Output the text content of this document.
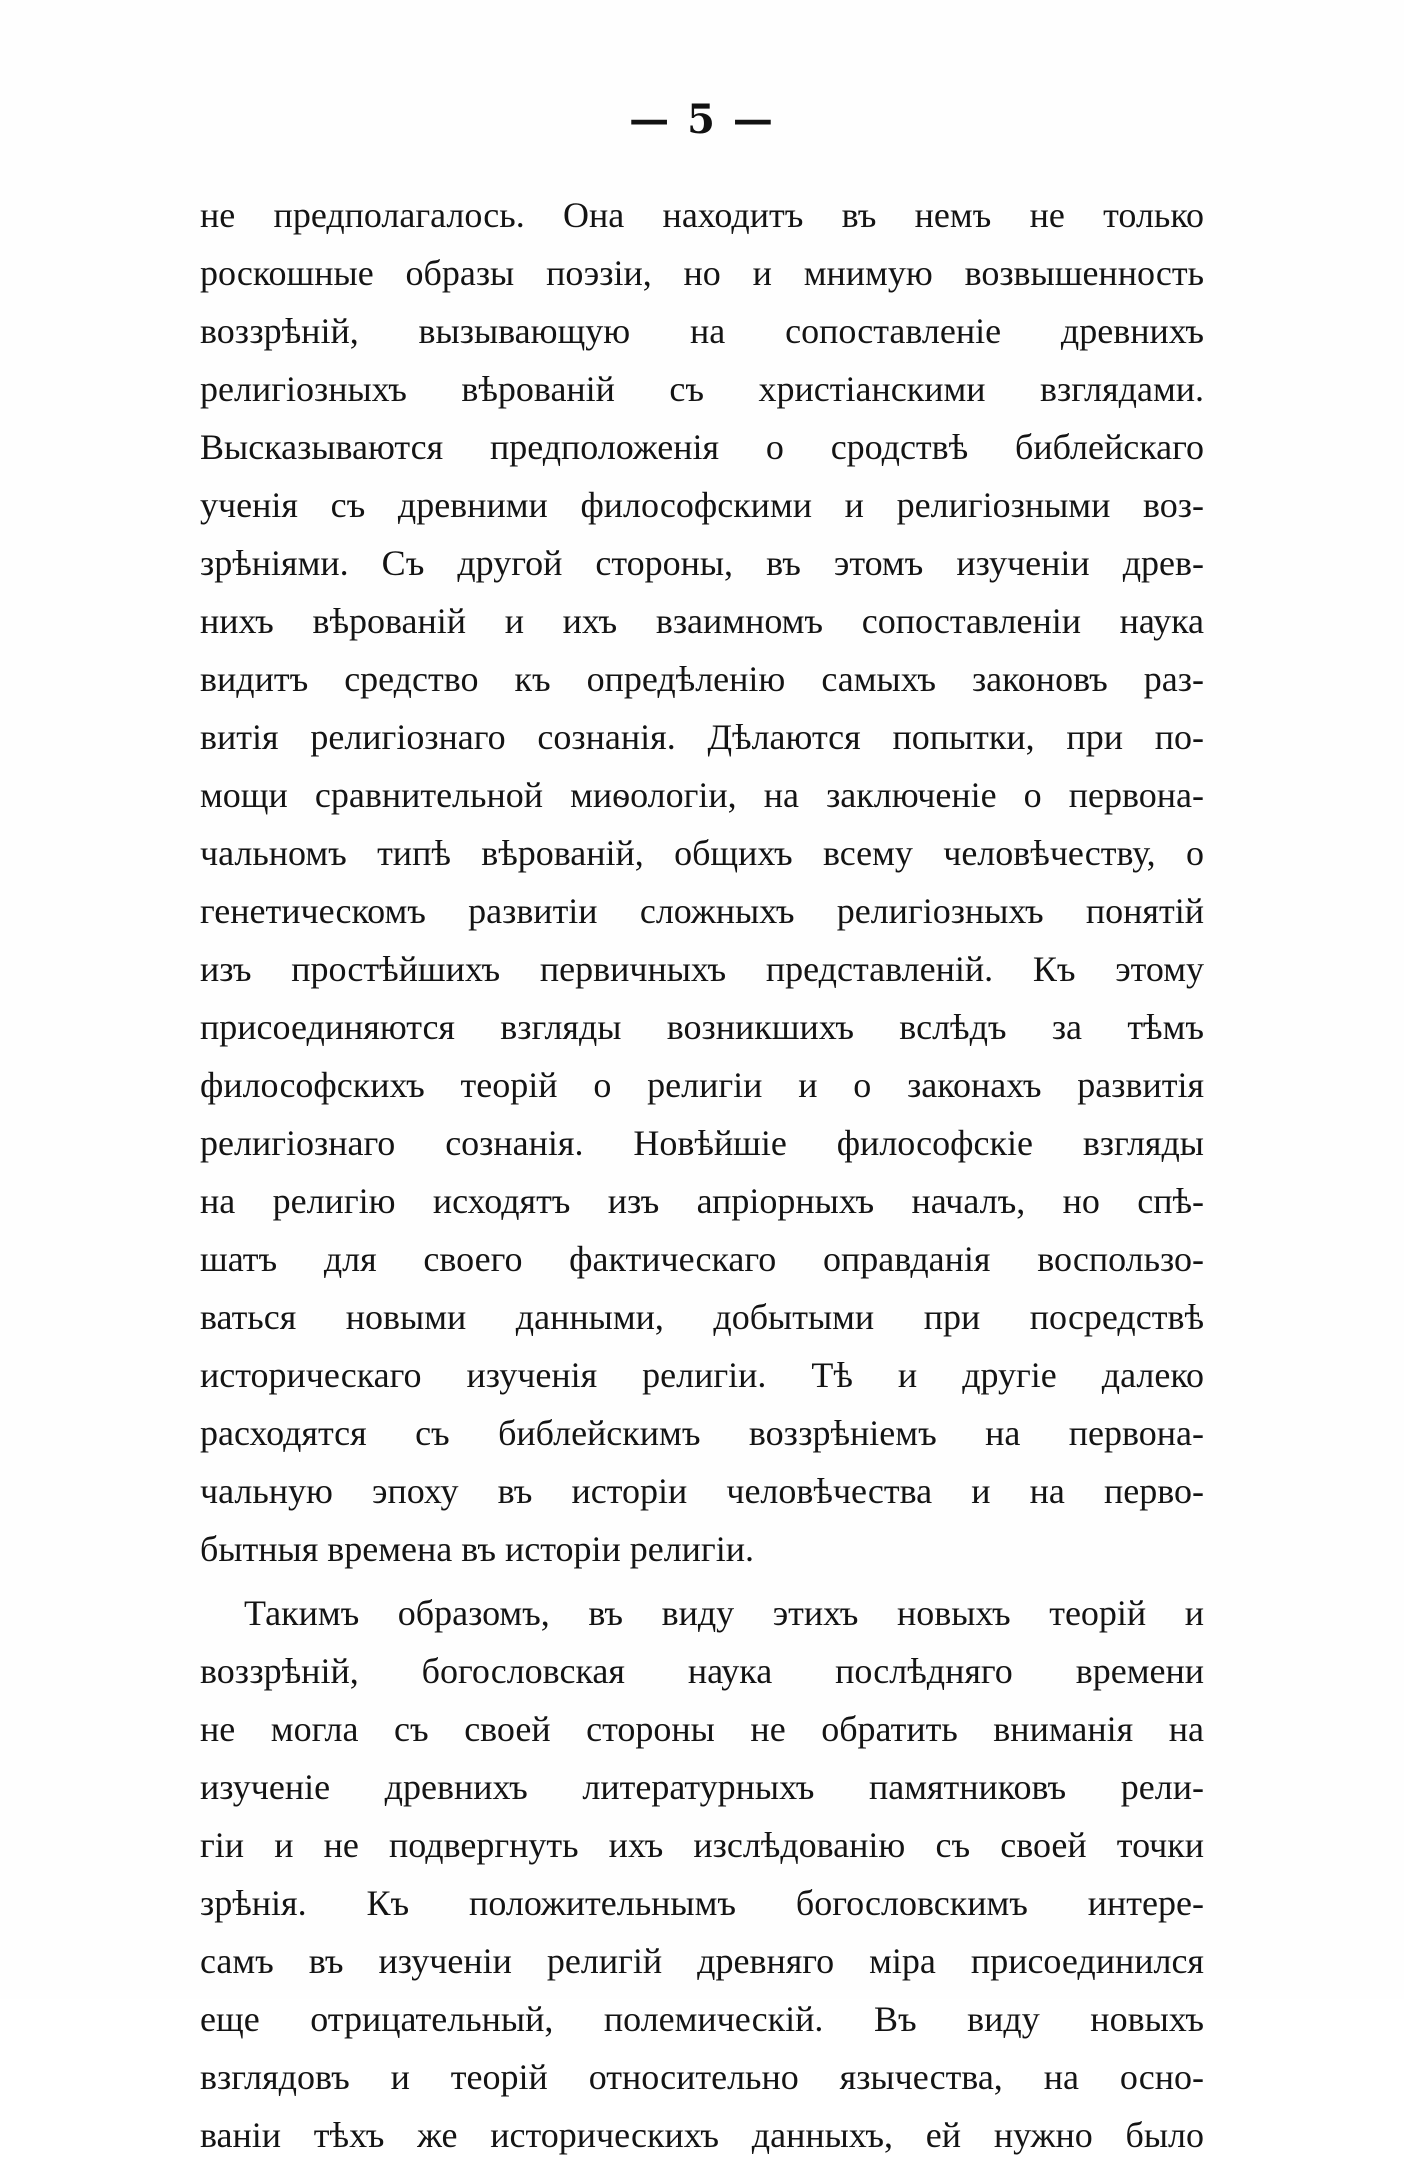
— 5 —
не предполагалось. Она находитъ въ немъ не только
роскошные образы поэзіи, но и мнимую возвышенность
воззрѣній, вызывающую на сопоставленіе древнихъ
религіозныхъ вѣрованій съ христіанскими взглядами.
Высказываются предположенія о сродствѣ библейскаго
ученія съ древними философскими и религіозными воз-
зрѣніями. Съ другой стороны, въ этомъ изученіи древ-
нихъ вѣрованій и ихъ взаимномъ сопоставленіи наука
видитъ средство къ опредѣленію самыхъ законовъ раз-
витія религіознаго сознанія. Дѣлаются попытки, при по-
мощи сравнительной миѳологіи, на заключеніе о первона-
чальномъ типѣ вѣрованій, общихъ всему человѣчеству, о
генетическомъ развитіи сложныхъ религіозныхъ понятій
изъ простѣйшихъ первичныхъ представленій. Къ этому
присоединяются взгляды возникшихъ вслѣдъ за тѣмъ
философскихъ теорій о религіи и о законахъ развитія
религіознаго сознанія. Новѣйшіе философскіе взгляды
на религію исходятъ изъ апріорныхъ началъ, но спѣ-
шатъ для своего фактическаго оправданія воспользо-
ваться новыми данными, добытыми при посредствѣ
историческаго изученія религіи. Тѣ и другіе далеко
расходятся съ библейскимъ воззрѣніемъ на первона-
чальную эпоху въ исторіи человѣчества и на перво-
бытныя времена въ исторіи религіи.
Такимъ образомъ, въ виду этихъ новыхъ теорій и
воззрѣній, богословская наука послѣдняго времени
не могла съ своей стороны не обратить вниманія на
изученіе древнихъ литературныхъ памятниковъ рели-
гіи и не подвергнуть ихъ изслѣдованію съ своей точки
зрѣнія. Къ положительнымъ богословскимъ интере-
самъ въ изученіи религій древняго міра присоединился
еще отрицательный, полемическій. Въ виду новыхъ
взглядовъ и теорій относительно язычества, на осно-
ваніи тѣхъ же историческихъ данныхъ, ей нужно было
